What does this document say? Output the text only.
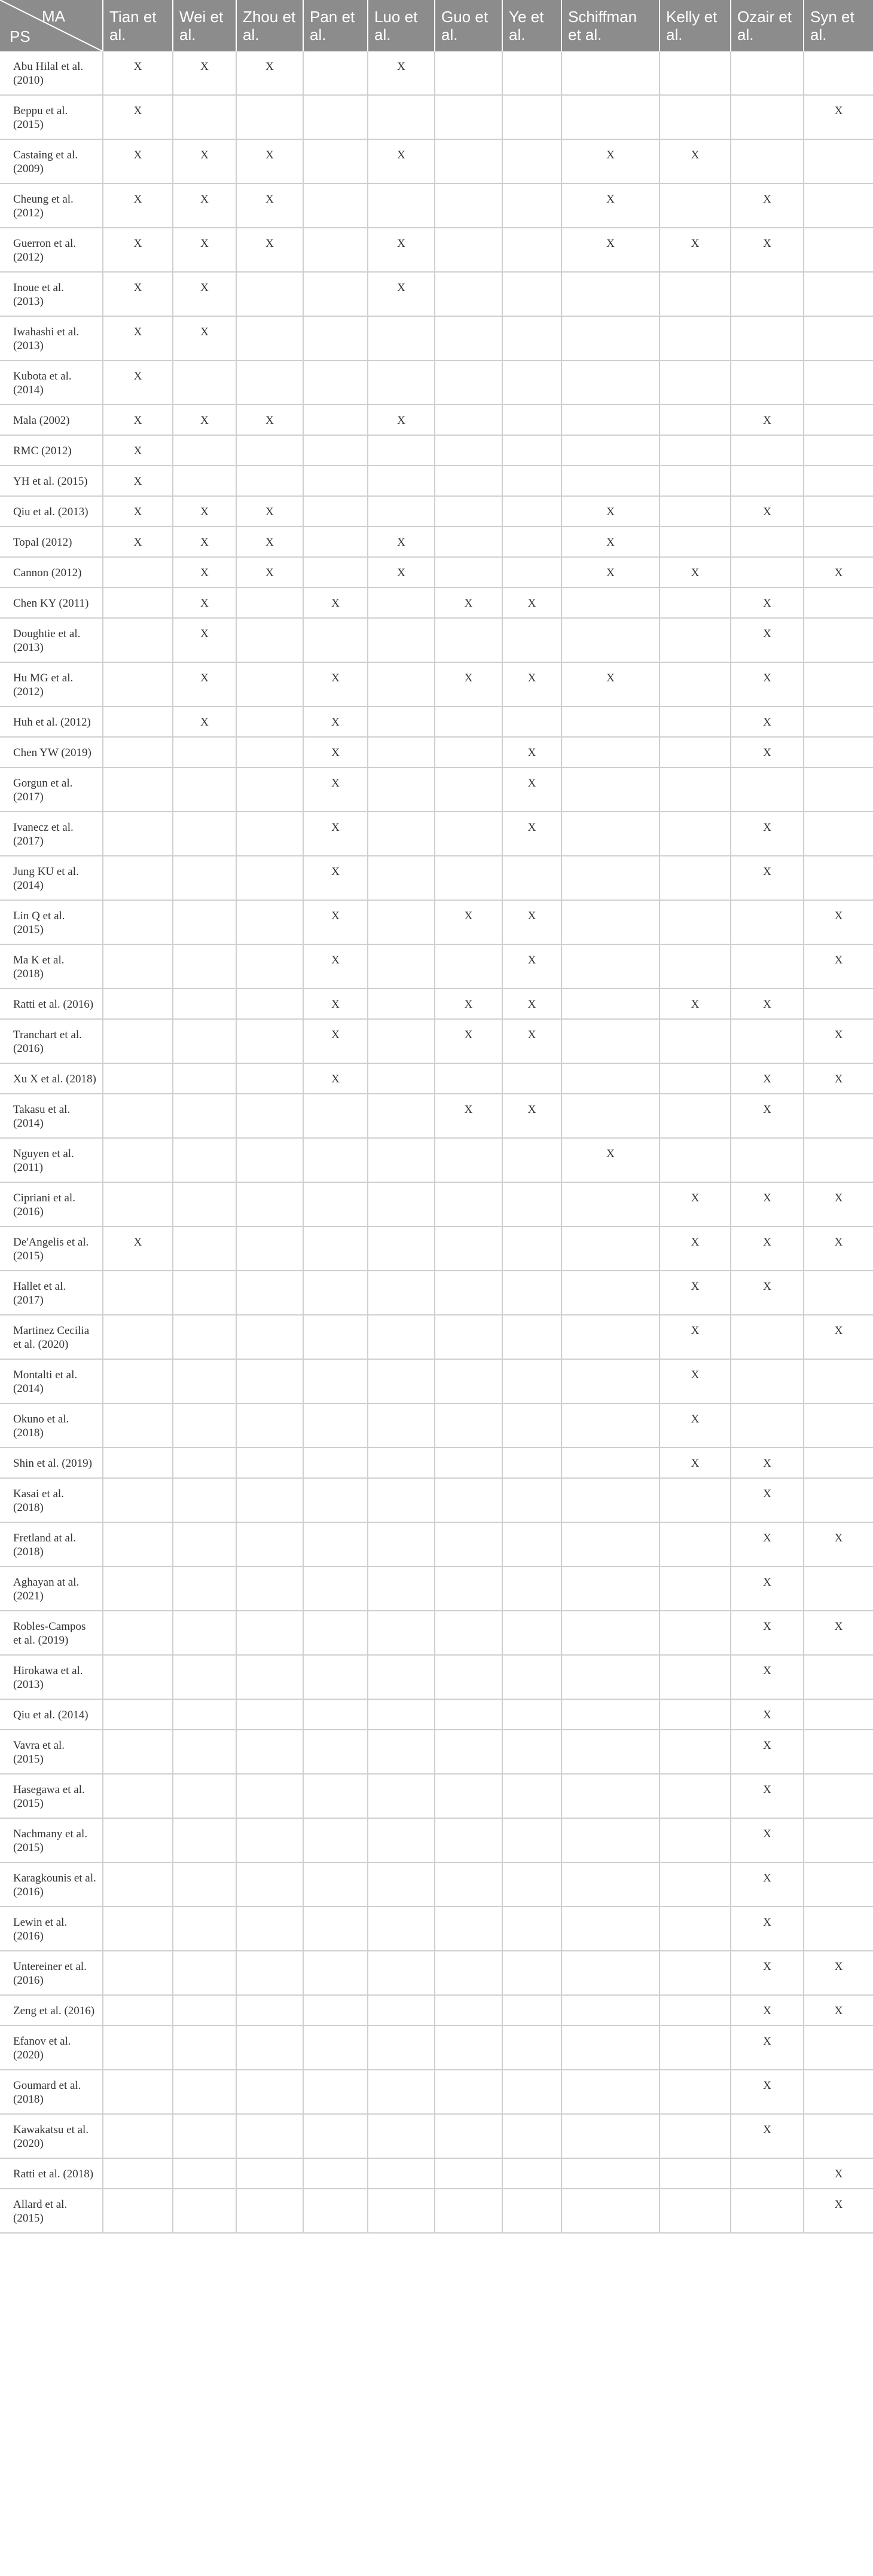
MA
PS	Tian et al.	Wei et al.	Zhou et al.	Pan et al.	Luo et al.	Guo et al.	Ye et al.	Schiffman et al.	Kelly et al.	Ozair et al.	Syn et al.
Abu Hilal et al. (2010)	X	X	X		X						
Beppu et al. (2015)	X										X
Castaing et al. (2009)	X	X	X		X			X	X		
Cheung et al. (2012)	X	X	X					X		X	
Guerron et al. (2012)	X	X	X		X			X	X	X	
Inoue et al. (2013)	X	X			X						
Iwahashi et al. (2013)	X	X									
Kubota et al. (2014)	X										
Mala (2002)	X	X	X		X					X	
RMC (2012)	X										
YH et al. (2015)	X										
Qiu et al. (2013)	X	X	X					X		X	
Topal (2012)	X	X	X		X			X			
Cannon (2012)		X	X		X			X	X		X
Chen KY (2011)		X		X		X	X			X	
Doughtie et al. (2013)		X								X	
Hu MG et al. (2012)		X		X		X	X	X		X	
Huh et al. (2012)		X		X						X	
Chen YW (2019)				X			X			X	
Gorgun et al. (2017)				X			X				
Ivanecz et al. (2017)				X			X			X	
Jung KU et al. (2014)				X						X	
Lin Q et al. (2015)				X		X	X				X
Ma K et al. (2018)				X			X				X
Ratti et al. (2016)				X		X	X		X	X	
Tranchart et al. (2016)				X		X	X				X
Xu X et al. (2018)				X						X	X
Takasu et al. (2014)						X	X			X	
Nguyen et al. (2011)								X			
Cipriani et al. (2016)									X	X	X
De'Angelis et al. (2015)	X								X	X	X
Hallet et al. (2017)									X	X	
Martinez Cecilia et al. (2020)									X		X
Montalti et al. (2014)									X		
Okuno et al. (2018)									X		
Shin et al. (2019)									X	X	
Kasai et al. (2018)										X	
Fretland at al. (2018)										X	X
Aghayan at al. (2021)										X	
Robles-Campos et al. (2019)										X	X
Hirokawa et al. (2013)										X	
Qiu et al. (2014)										X	
Vavra et al. (2015)										X	
Hasegawa et al. (2015)										X	
Nachmany et al. (2015)										X	
Karagkounis et al. (2016)										X	
Lewin et al. (2016)										X	
Untereiner et al. (2016)										X	X
Zeng et al. (2016)										X	X
Efanov et al. (2020)										X	
Goumard et al. (2018)										X	
Kawakatsu et al. (2020)										X	
Ratti et al. (2018)											X
Allard et al. (2015)											X
